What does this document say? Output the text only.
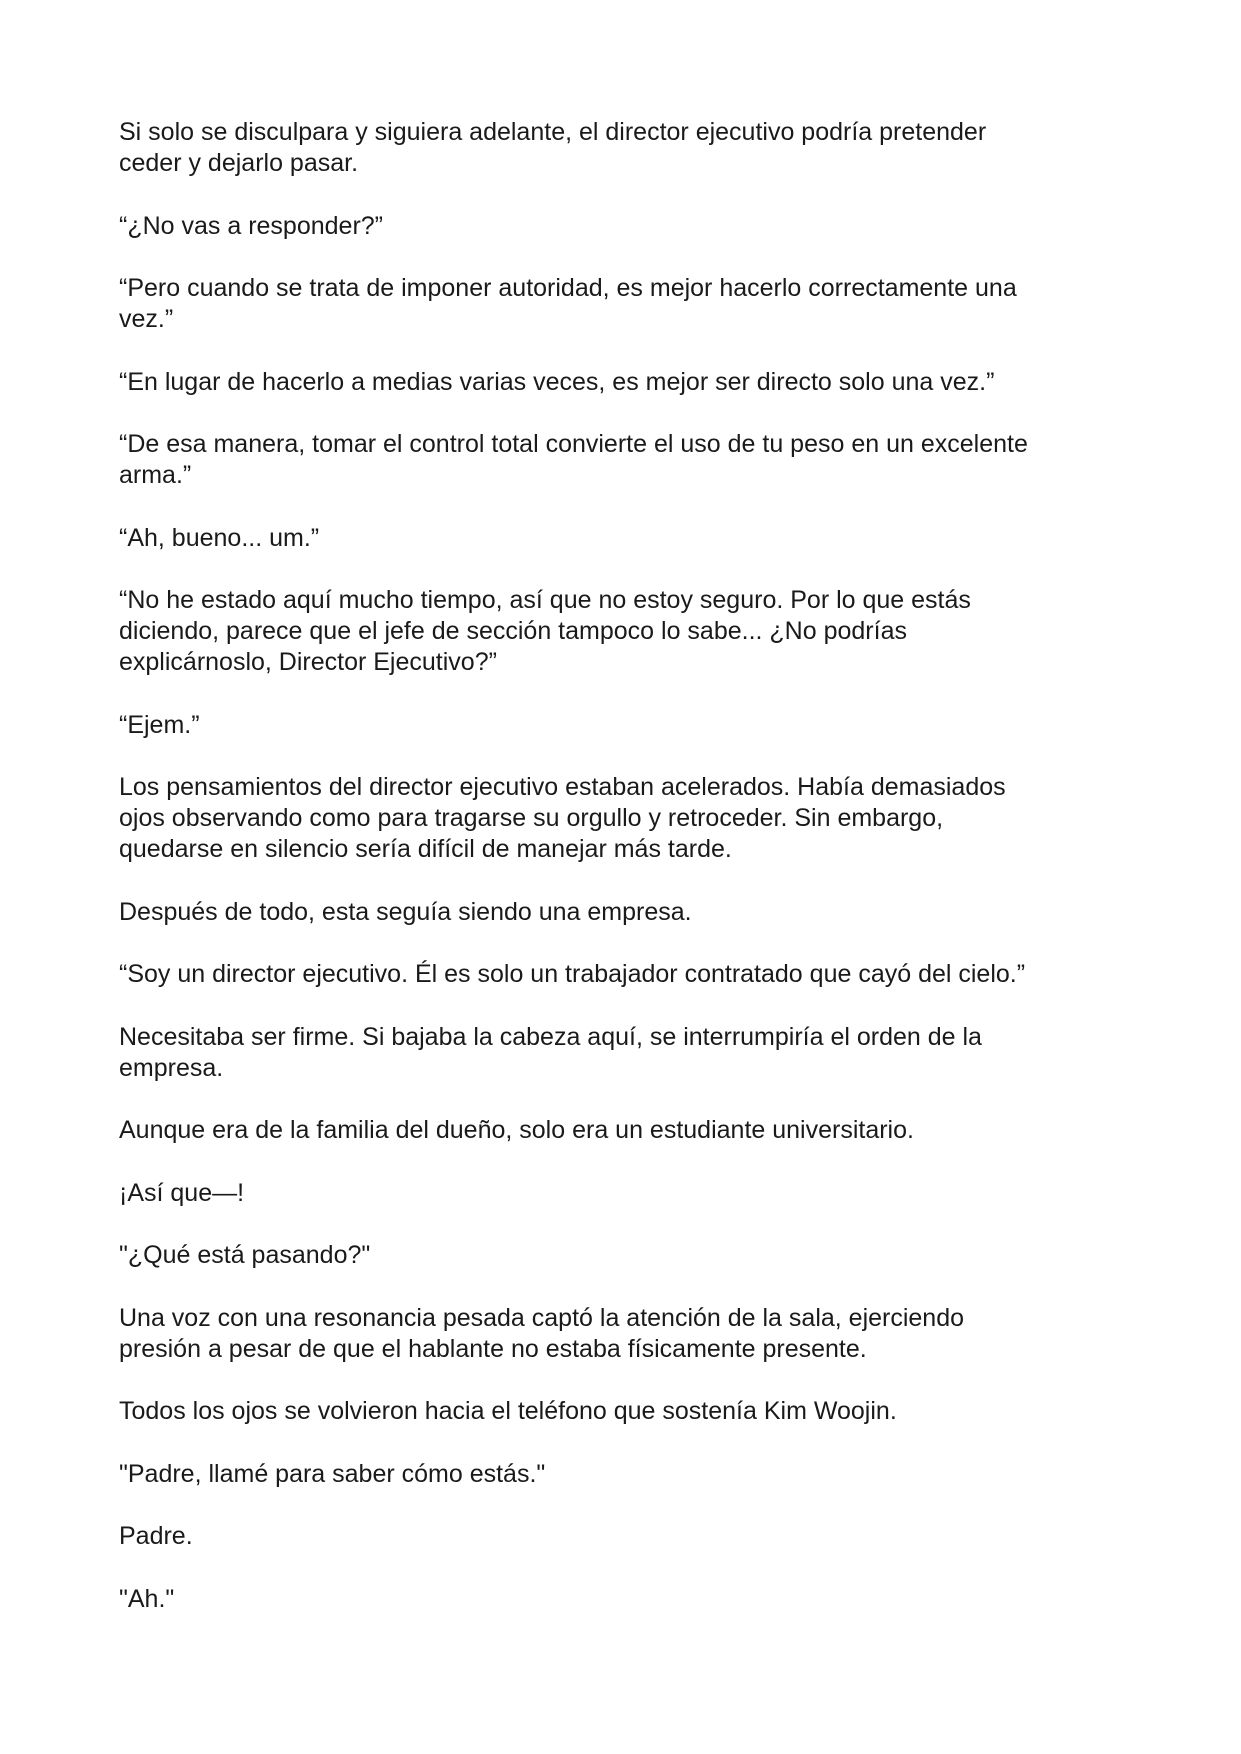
Si solo se disculpara y siguiera adelante, el director ejecutivo podría pretender
ceder y dejarlo pasar.

“¿No vas a responder?”

“Pero cuando se trata de imponer autoridad, es mejor hacerlo correctamente una
vez.”

“En lugar de hacerlo a medias varias veces, es mejor ser directo solo una vez.”

“De esa manera, tomar el control total convierte el uso de tu peso en un excelente
arma.”

“Ah, bueno... um.”

“No he estado aquí mucho tiempo, así que no estoy seguro. Por lo que estás
diciendo, parece que el jefe de sección tampoco lo sabe... ¿No podrías
explicárnoslo, Director Ejecutivo?”

“Ejem.”

Los pensamientos del director ejecutivo estaban acelerados. Había demasiados
ojos observando como para tragarse su orgullo y retroceder. Sin embargo,
quedarse en silencio sería difícil de manejar más tarde.

Después de todo, esta seguía siendo una empresa.

“Soy un director ejecutivo. Él es solo un trabajador contratado que cayó del cielo.”

Necesitaba ser firme. Si bajaba la cabeza aquí, se interrumpiría el orden de la
empresa.

Aunque era de la familia del dueño, solo era un estudiante universitario.

¡Así que—!

"¿Qué está pasando?"

Una voz con una resonancia pesada captó la atención de la sala, ejerciendo
presión a pesar de que el hablante no estaba físicamente presente.

Todos los ojos se volvieron hacia el teléfono que sostenía Kim Woojin.

"Padre, llamé para saber cómo estás."

Padre.

"Ah."
